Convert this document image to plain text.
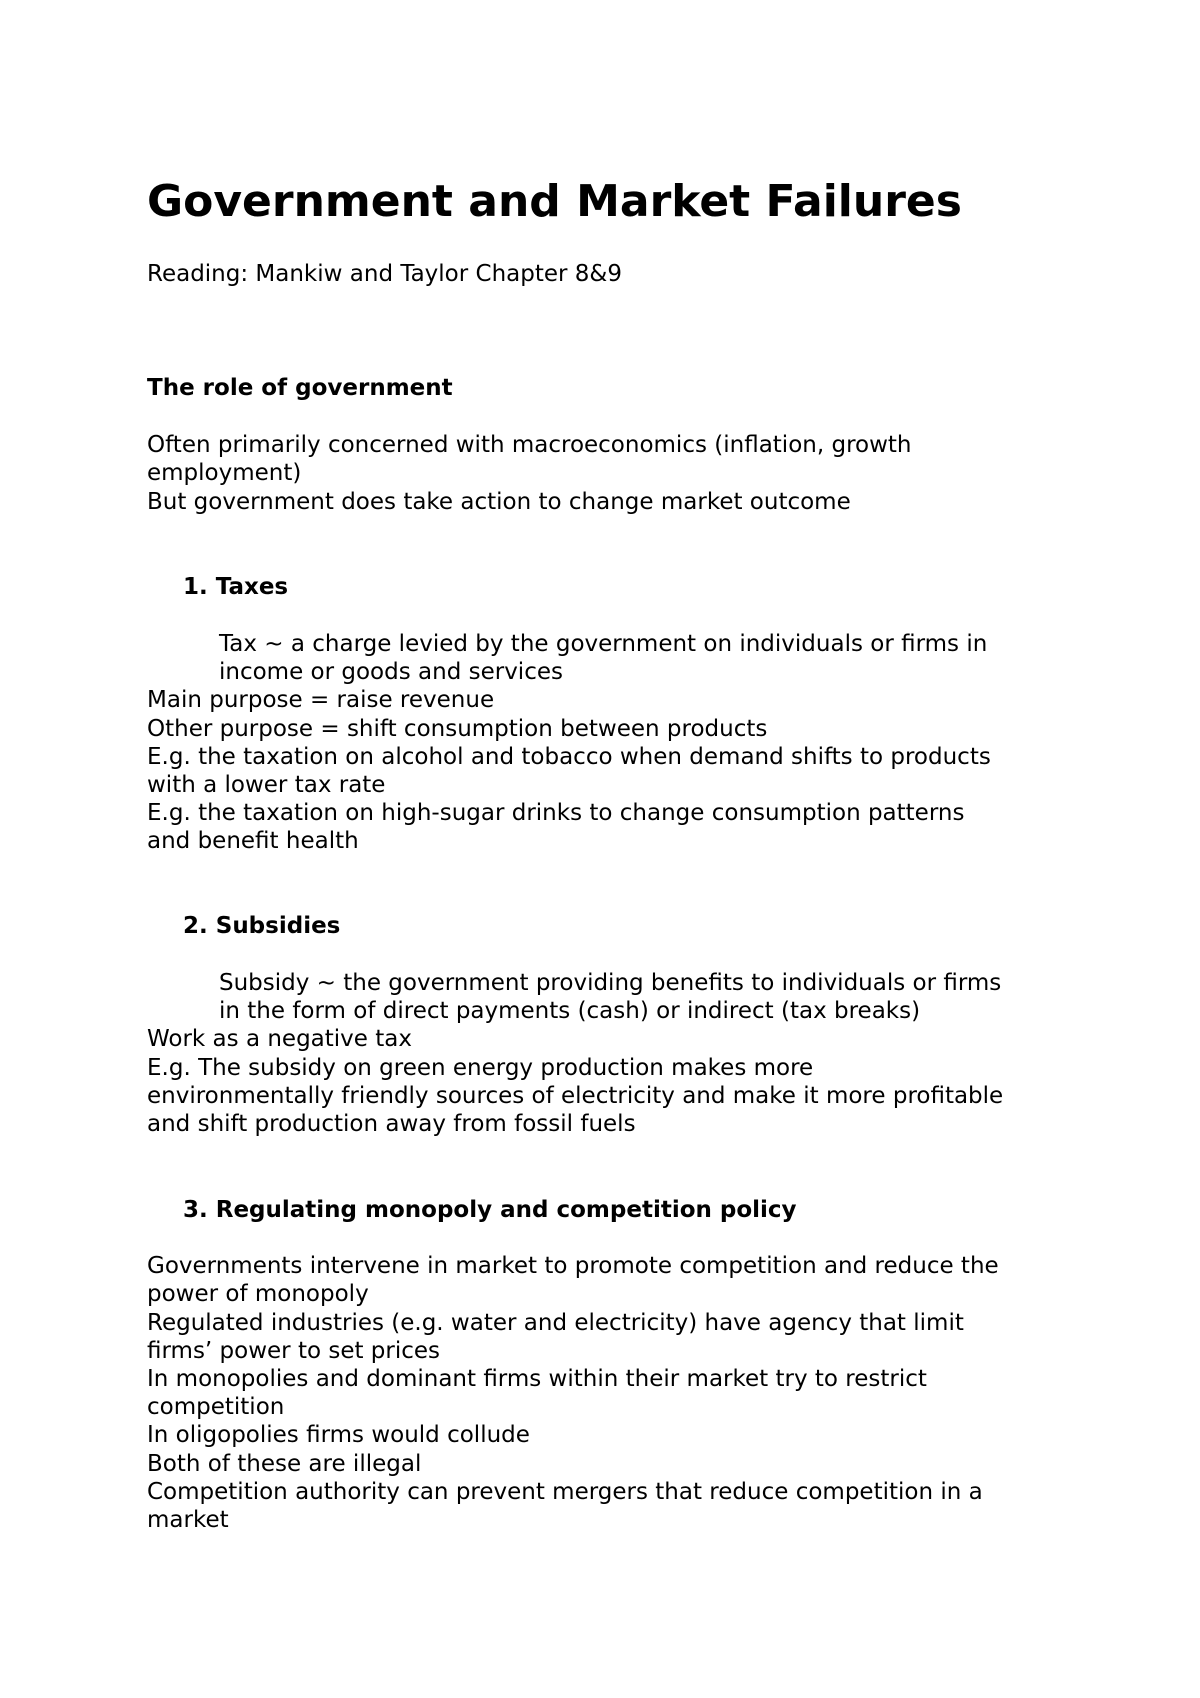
Government and Market Failures
Reading: Mankiw and Taylor Chapter 8&9
The role of government
Often primarily concerned with macroeconomics (inflation, growth
employment)
But government does take action to change market outcome
1. Taxes
Tax ~ a charge levied by the government on individuals or firms in
income or goods and services
Main purpose = raise revenue
Other purpose = shift consumption between products
E.g. the taxation on alcohol and tobacco when demand shifts to products
with a lower tax rate
E.g. the taxation on high-sugar drinks to change consumption patterns
and benefit health
2. Subsidies
Subsidy ~ the government providing benefits to individuals or firms
in the form of direct payments (cash) or indirect (tax breaks)
Work as a negative tax
E.g. The subsidy on green energy production makes more
environmentally friendly sources of electricity and make it more profitable
and shift production away from fossil fuels
3. Regulating monopoly and competition policy
Governments intervene in market to promote competition and reduce the
power of monopoly
Regulated industries (e.g. water and electricity) have agency that limit
firms’ power to set prices
In monopolies and dominant firms within their market try to restrict
competition
In oligopolies firms would collude
Both of these are illegal
Competition authority can prevent mergers that reduce competition in a
market
